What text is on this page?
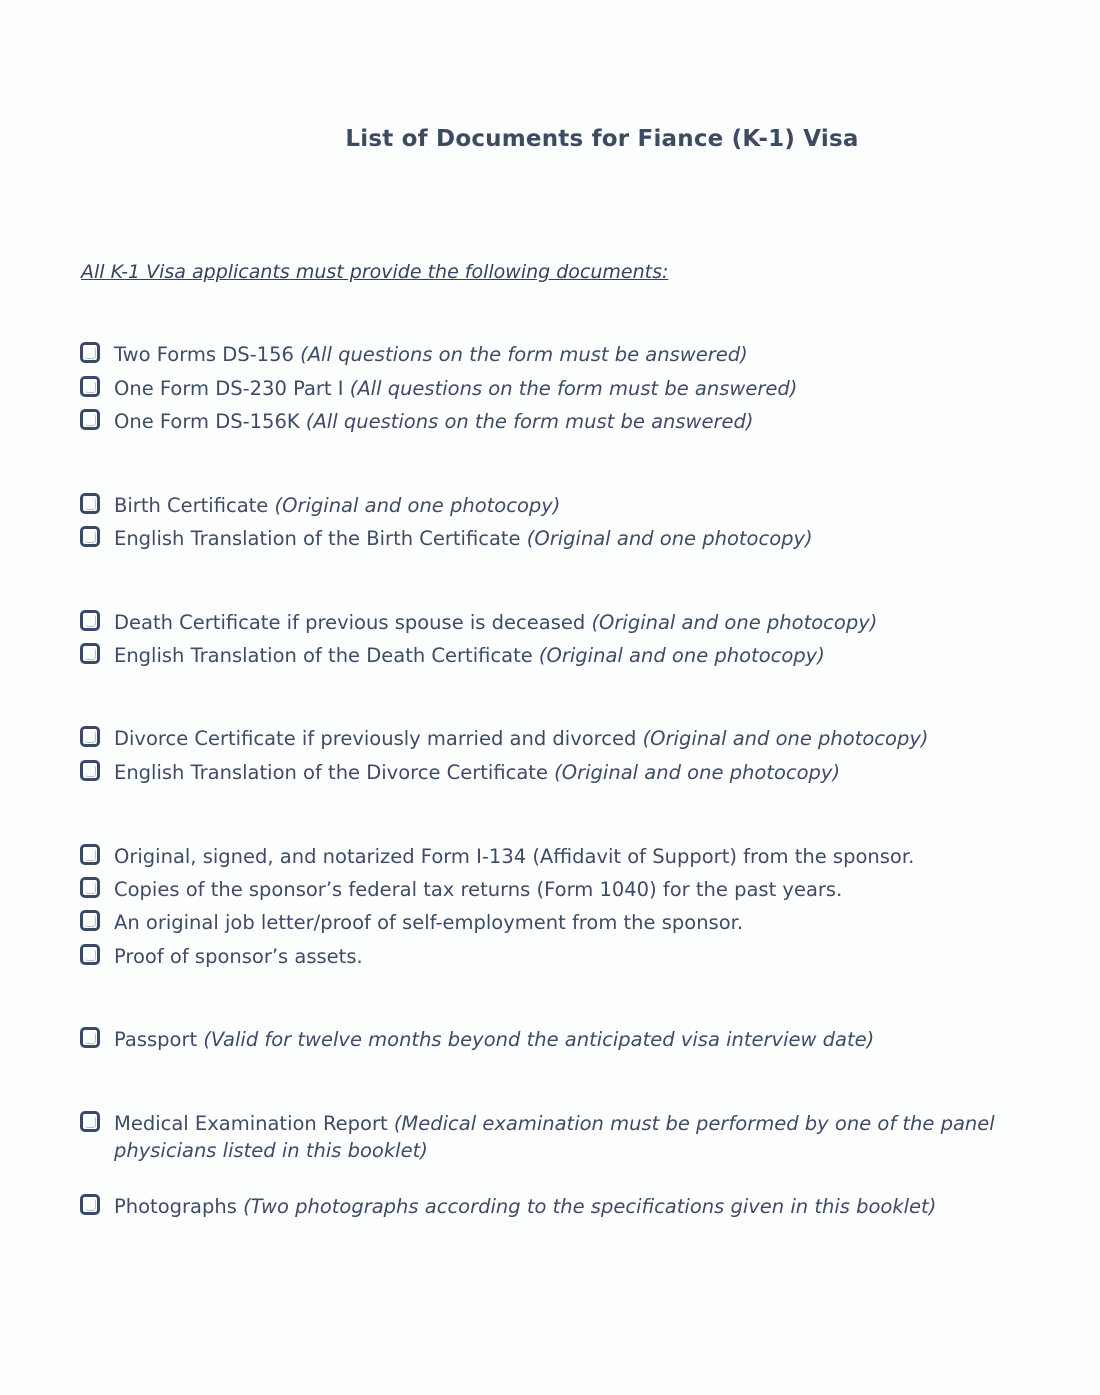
List of Documents for Fiance (K-1) Visa
All K-1 Visa applicants must provide the following documents:
Two Forms DS-156 (All questions on the form must be answered)
One Form DS-230 Part I (All questions on the form must be answered)
One Form DS-156K (All questions on the form must be answered)
Birth Certificate (Original and one photocopy)
English Translation of the Birth Certificate (Original and one photocopy)
Death Certificate if previous spouse is deceased (Original and one photocopy)
English Translation of the Death Certificate (Original and one photocopy)
Divorce Certificate if previously married and divorced (Original and one photocopy)
English Translation of the Divorce Certificate (Original and one photocopy)
Original, signed, and notarized Form I-134 (Affidavit of Support) from the sponsor.
Copies of the sponsor’s federal tax returns (Form 1040) for the past years.
An original job letter/proof of self-employment from the sponsor.
Proof of sponsor’s assets.
Passport (Valid for twelve months beyond the anticipated visa interview date)
Medical Examination Report (Medical examination must be performed by one of the panel physicians listed in this booklet)
Photographs (Two photographs according to the specifications given in this booklet)
